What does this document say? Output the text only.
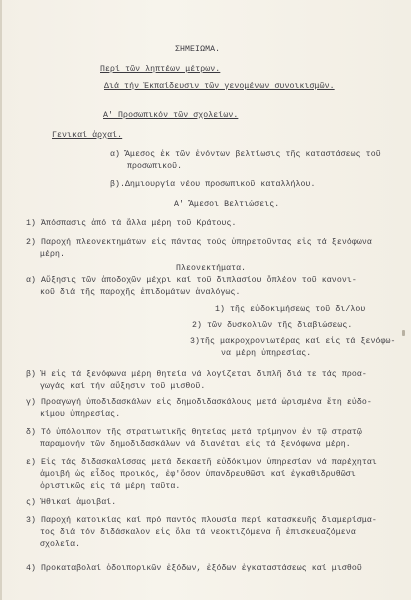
ΣΗΜΕΙΩΜΑ.
Περί τῶν ληπτέων μέτρων.
Διά τήν Ἐκπαίδευσιν τῶν γενομένων συνοικισμῶν.
Α' Προσωπικόν τῶν σχολείων.
Γενικαί ἀρχαί.
α) Ἄμεσος ἐκ τῶν ἐνόντων βελτίωσις τῆς καταστάσεως τοῦ
προσωπικοῦ.
β).Δημιουργία νέου προσωπικοῦ καταλλήλου.
Α' Ἄμεσοι Βελτιώσεις.
1) Ἀπόσπασις ἀπό τά ἄλλα μέρη τοῦ Κράτους.
2) Παροχή πλεονεκτημάτων εἰς πάντας τούς ὑπηρετοῦντας εἰς τά ξενόφωνα
μέρη.
Πλεονεκτήματα.
α) Αὔξησις τῶν ἀποδοχῶν μέχρι καί τοῦ διπλασίου ὅπλέον τοῦ κανονι-
κοῦ διά τῆς παροχῆς ἐπιδομάτων ἀναλόγως.
1) τῆς εὐδοκιμήσεως τοῦ δι/λου
2) τῶν δυσκολιῶν τῆς διαβιώσεως.
3)τῆς μακροχρονιωτέρας καί εἰς τά ξενόφω-
να μέρη ὑπηρεσίας.
β) Ἡ εἰς τά ξενόφωνα μέρη θητεία νά λογίζεται διπλῆ διά τε τάς προα-
γωγάς καί τήν αὔξησιν τοῦ μισθοῦ.
γ) Προαγωγή ὑποδιδασκάλων εἰς δημοδιδασκάλους μετά ὡρισμένα ἔτη εὐδο-
κίμου ὑπηρεσίας.
δ) Τό ὑπόλοιπον τῆς στρατιωτικῆς θητείας μετά τρίμηνον ἐν τῷ στρατῷ
παραμονήν τῶν δημοδιδασκάλων νά διανέται εἰς τά ξενόφωνα μέρη.
ε) Εἰς τάς διδασκαλίσσας μετά δεκαετῆ εὐδόκιμον ὑπηρεσίαν νά παρέχηται
ἀμοιβή ὡς εἶδος προικός, ἐφ'ὅσον ὑπανδρευθῶσι καί ἐγκαθιδρυθῶσι
ὁριστικῶς εἰς τά μέρη ταῦτα.
ς) Ἠθικαί ἀμοιβαί.
3) Παροχή κατοικίας καί πρό παντός πλουσία περί κατασκευῆς διαμερίσμα-
τος διά τόν διδάσκαλον εἰς ὅλα τά νεοκτιζόμενα ἤ ἐπισκευαζόμενα
σχολεῖα.
4) Προκαταβολαί ὁδοιπορικῶν ἐξόδων, ἐξόδων ἐγκαταστάσεως καί μισθοῦ
